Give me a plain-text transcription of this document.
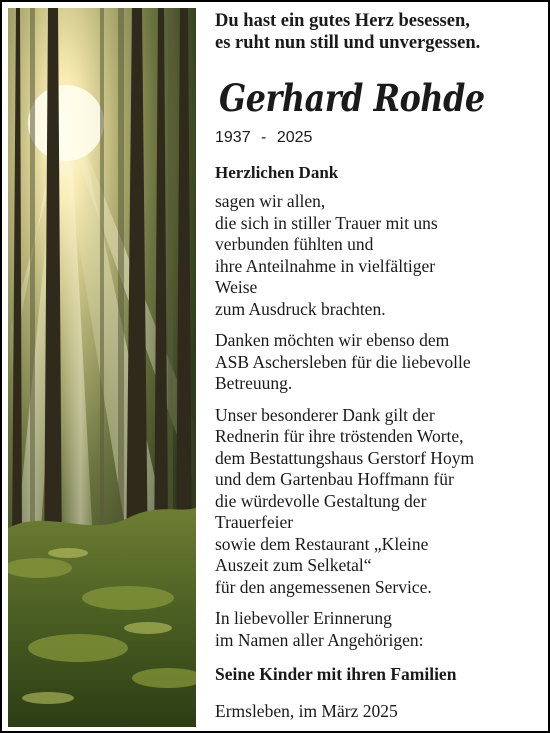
Du hast ein gutes Herz besessen,
es ruht nun still und unvergessen.

Gerhard Rohde
1937 - 2025
Herzlichen Dank

sagen wir allen,
die sich in stiller Trauer mit uns
verbunden fühlten und
ihre Anteilnahme in vielfältiger
Weise
zum Ausdruck brachten.

Danken möchten wir ebenso dem
ASB Aschersleben für die liebevolle
Betreuung.

Unser besonderer Dank gilt der
Rednerin für ihre tröstenden Worte,
dem Bestattungshaus Gerstorf Hoym
und dem Gartenbau Hoffmann für
die würdevolle Gestaltung der
Trauerfeier
sowie dem Restaurant „Kleine
Auszeit zum Selketal“
für den angemessenen Service.

In liebevoller Erinnerung
im Namen aller Angehörigen:

Seine Kinder mit ihren Familien
Ermsleben, im März 2025
